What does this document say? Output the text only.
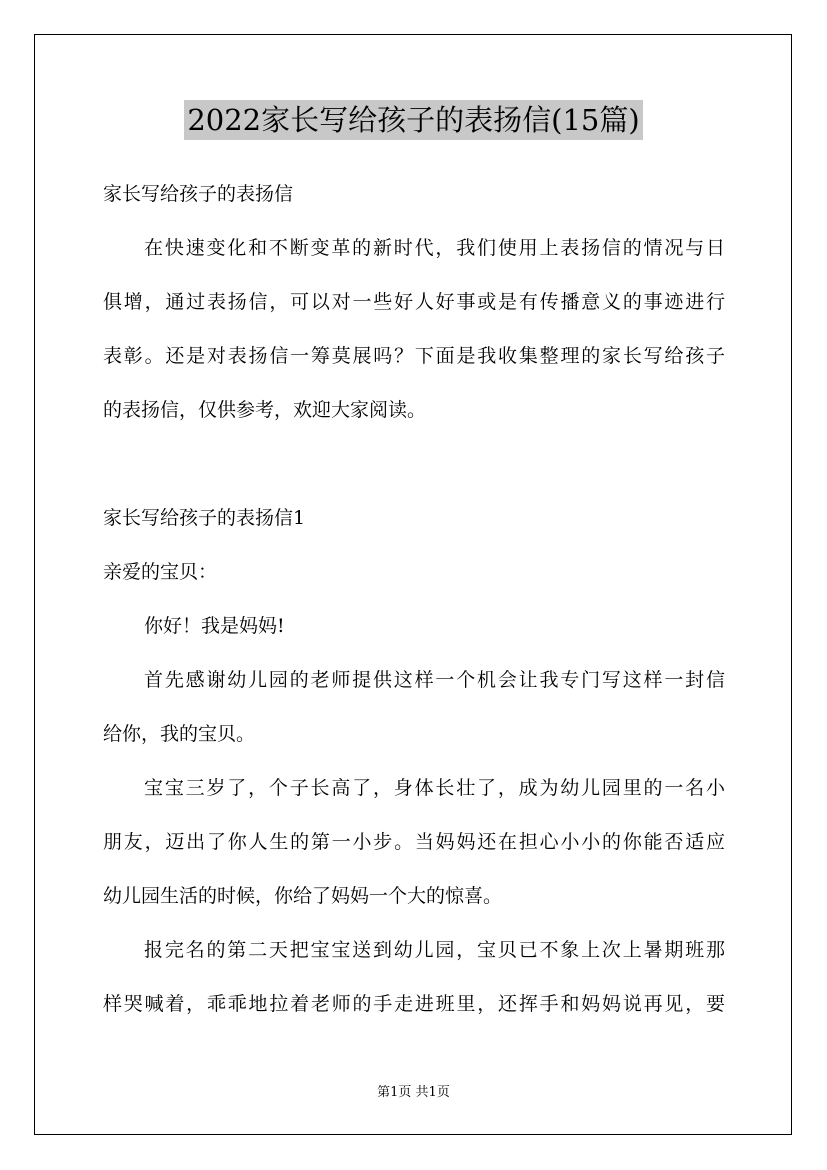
2022家长写给孩子的表扬信(15篇)
家长写给孩子的表扬信
在快速变化和不断变革的新时代，我们使用上表扬信的情况与日
俱增，通过表扬信，可以对一些好人好事或是有传播意义的事迹进行
表彰。还是对表扬信一筹莫展吗？下面是我收集整理的家长写给孩子
的表扬信，仅供参考，欢迎大家阅读。
家长写给孩子的表扬信1
亲爱的宝贝：
你好！我是妈妈!
首先感谢幼儿园的老师提供这样一个机会让我专门写这样一封信
给你，我的宝贝。
宝宝三岁了，个子长高了，身体长壮了，成为幼儿园里的一名小
朋友，迈出了你人生的第一小步。当妈妈还在担心小小的你能否适应
幼儿园生活的时候，你给了妈妈一个大的惊喜。
报完名的第二天把宝宝送到幼儿园，宝贝已不象上次上暑期班那
样哭喊着，乖乖地拉着老师的手走进班里，还挥手和妈妈说再见，要
第1页 共1页
